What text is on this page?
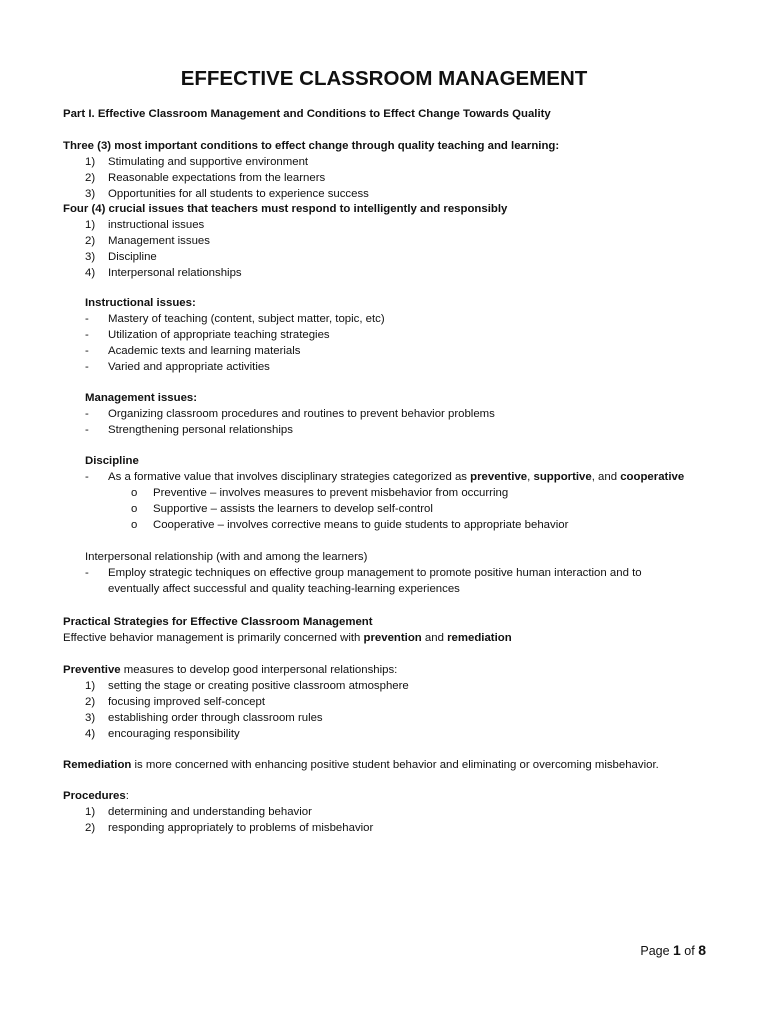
EFFECTIVE CLASSROOM MANAGEMENT
Part I. Effective Classroom Management and Conditions to Effect Change Towards Quality
Three (3) most important conditions to effect change through quality teaching and learning:
1) Stimulating and supportive environment
2) Reasonable expectations from the learners
3) Opportunities for all students to experience success
Four (4) crucial issues that teachers must respond to intelligently and responsibly
1) instructional issues
2) Management issues
3) Discipline
4) Interpersonal relationships
Instructional issues:
- Mastery of teaching (content, subject matter, topic, etc)
- Utilization of appropriate teaching strategies
- Academic texts and learning materials
- Varied and appropriate activities
Management issues:
- Organizing classroom procedures and routines to prevent behavior problems
- Strengthening personal relationships
Discipline
- As a formative value that involves disciplinary strategies categorized as preventive, supportive, and cooperative
o Preventive – involves measures to prevent misbehavior from occurring
o Supportive – assists the learners to develop self-control
o Cooperative – involves corrective means to guide students to appropriate behavior
Interpersonal relationship (with and among the learners)
- Employ strategic techniques on effective group management to promote positive human interaction and to eventually affect successful and quality teaching-learning experiences
Practical Strategies for Effective Classroom Management
Effective behavior management is primarily concerned with prevention and remediation
Preventive measures to develop good interpersonal relationships:
1) setting the stage or creating positive classroom atmosphere
2) focusing improved self-concept
3) establishing order through classroom rules
4) encouraging responsibility
Remediation is more concerned with enhancing positive student behavior and eliminating or overcoming misbehavior.
Procedures:
1) determining and understanding behavior
2) responding appropriately to problems of misbehavior
Page 1 of 8
